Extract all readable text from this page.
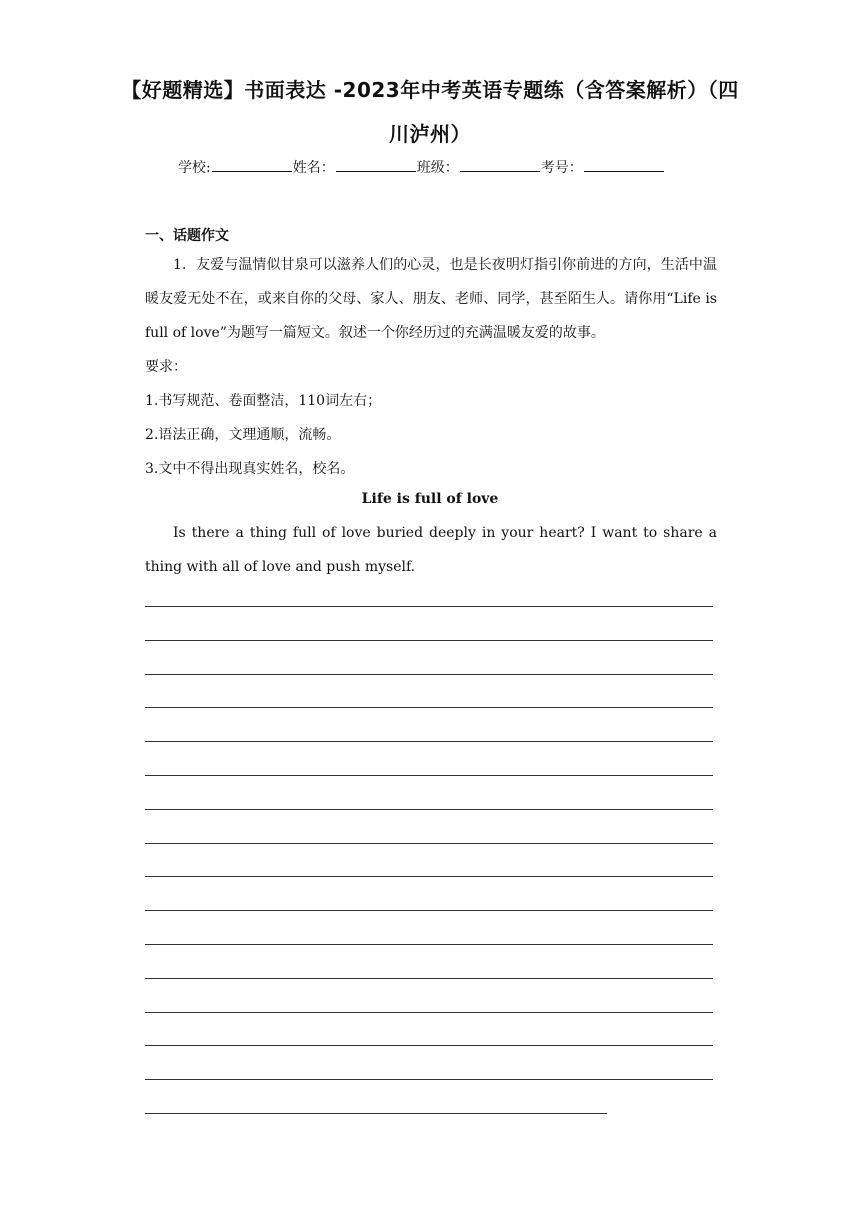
【好题精选】书面表达 -2023年中考英语专题练（含答案解析）（四川泸州）
学校:	姓名：	班级：	考号：
一、话题作文
1．友爱与温情似甘泉可以滋养人们的心灵，也是长夜明灯指引你前进的方向，生活中温暖友爱无处不在，或来自你的父母、家人、朋友、老师、同学，甚至陌生人。请你用“Life is full of love”为题写一篇短文。叙述一个你经历过的充满温暖友爱的故事。
要求：
1.书写规范、卷面整洁，110词左右；
2.语法正确，文理通顺，流畅。
3.文中不得出现真实姓名，校名。
Life is full of love
Is there a thing full of love buried deeply in your heart? I want to share a thing with all of love and push myself.
